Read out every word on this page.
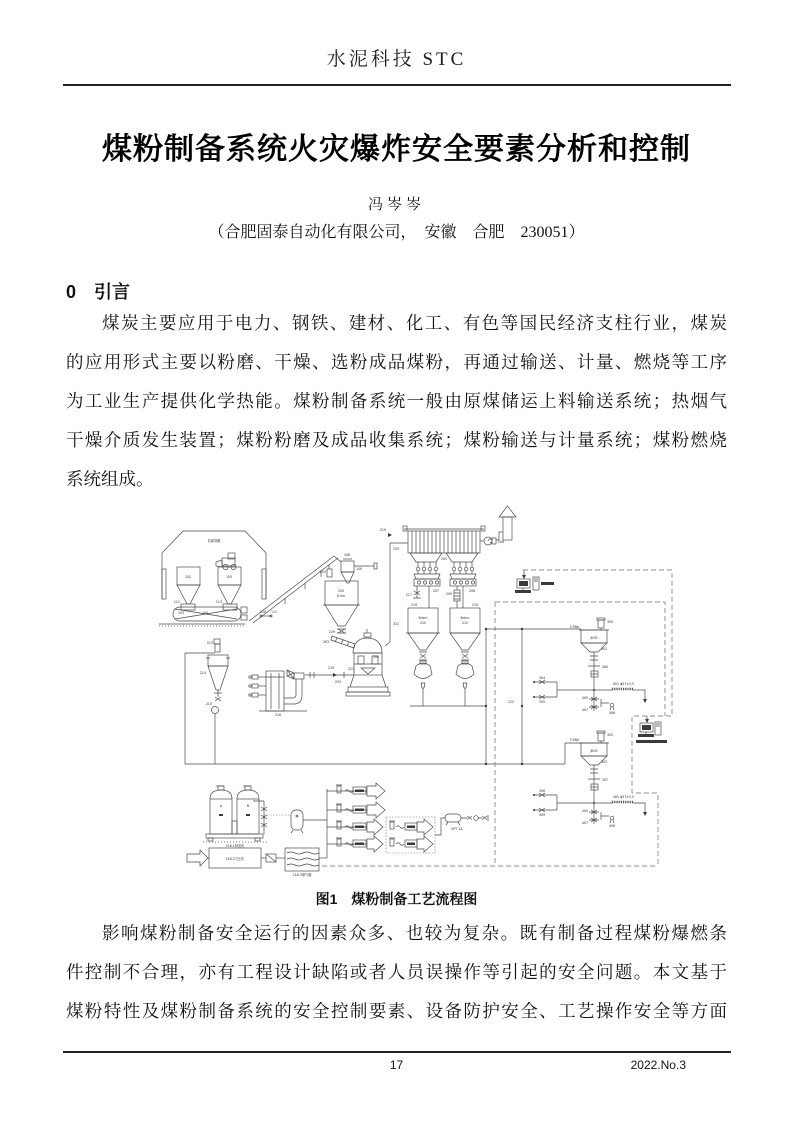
水泥科技 STC
煤粉制备系统火灾爆炸安全要素分析和控制
冯岑岑
（合肥固泰自动化有限公司，　安徽　合肥　230051）
0　引言
煤炭主要应用于电力、钢铁、建材、化工、有色等国民经济支柱行业，煤炭
的应用形式主要以粉磨、干燥、选粉成品煤粉，再通过输送、计量、燃烧等工序
为工业生产提供化学热能。煤粉制备系统一般由原煤储运上料输送系统；热烟气
干燥介质发生装置；煤粉粉磨及成品收集系统；煤粉输送与计量系统；煤粉燃烧
系统组成。
原煤堆棚
102	105
112	113
103	104	110 111
108
109
203
200
6.5m
229
263
204
219	221
253
321
219
253
216
213
214
215	222
205
207	208
217	209
219	219
206
6cbm
210
6cbm
212
JK05
3.5Ne
300
301
260
304
305
401 φ57×3.5
405
407
406
JK05
3.5Ne
302
303
307
306
309
405 φ57×3.5
405
407
406
A	B
218-1制氮机
GPT 1A
218-2空压机
218-3储气罐
图1　煤粉制备工艺流程图
影响煤粉制备安全运行的因素众多、也较为复杂。既有制备过程煤粉爆燃条
件控制不合理，亦有工程设计缺陷或者人员误操作等引起的安全问题。本文基于
煤粉特性及煤粉制备系统的安全控制要素、设备防护安全、工艺操作安全等方面
17	2022.No.3
